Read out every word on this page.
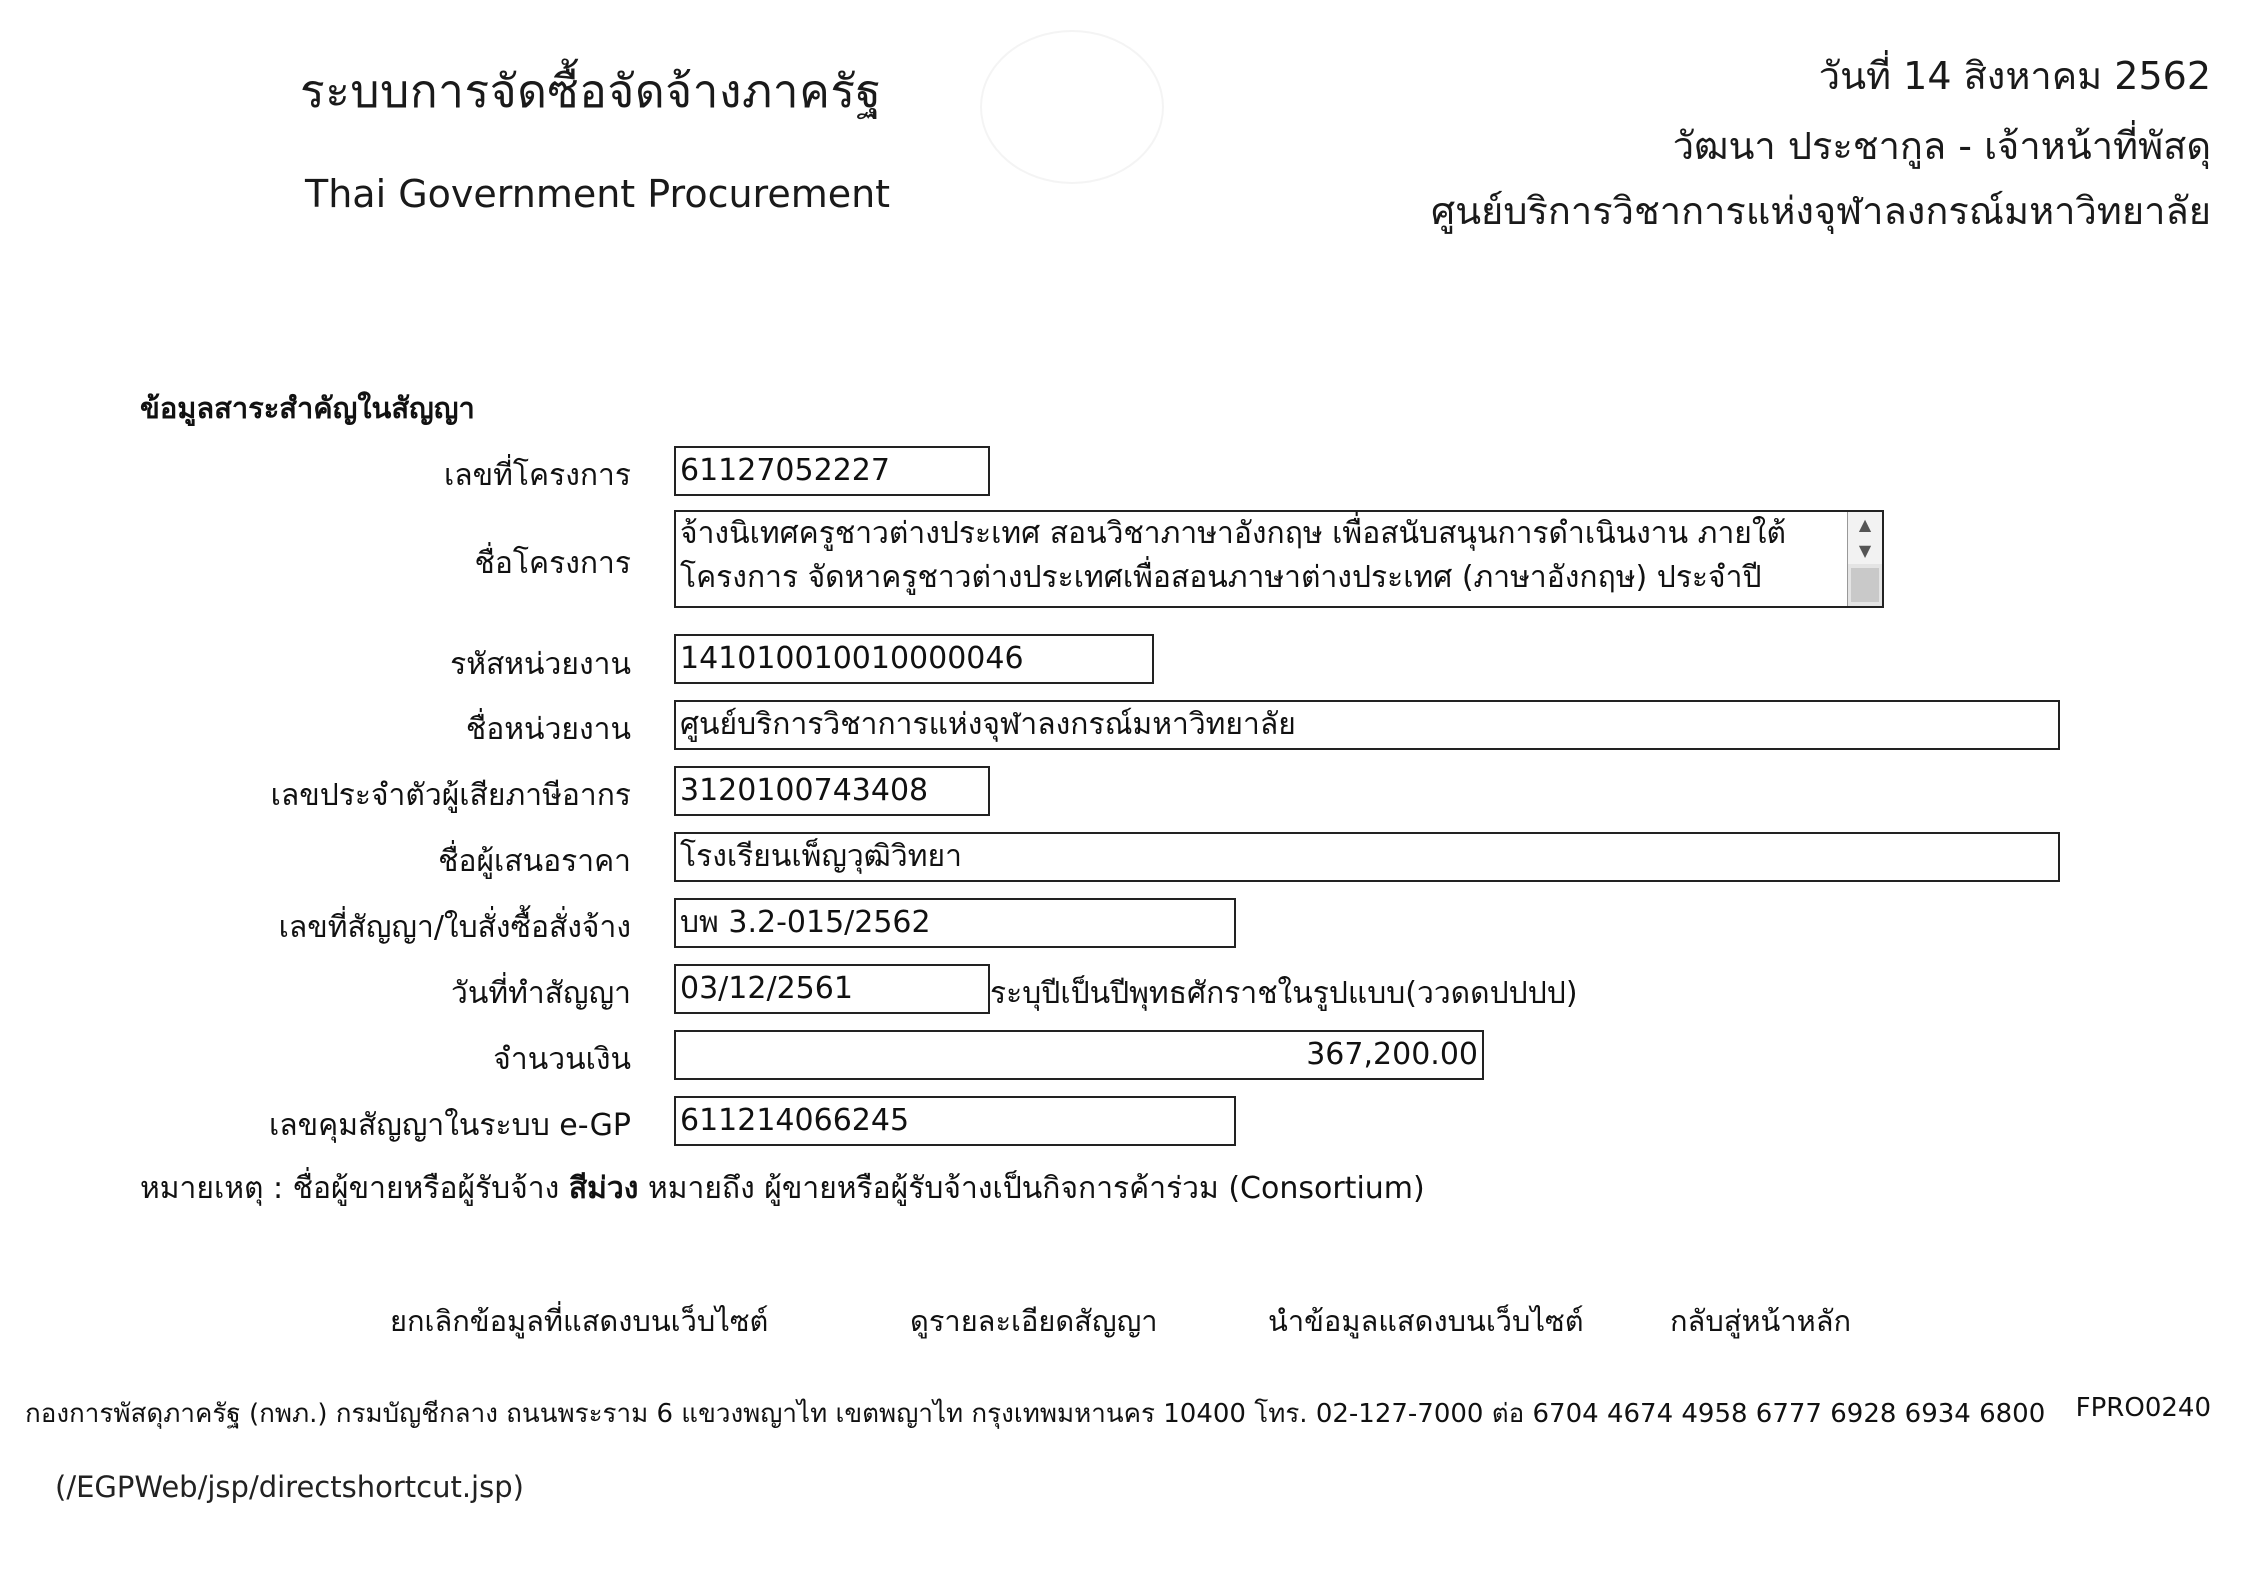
ระบบการจัดซื้อจัดจ้างภาครัฐ
Thai Government Procurement
วันที่ 14 สิงหาคม 2562
วัฒนา ประชากูล - เจ้าหน้าที่พัสดุ
ศูนย์บริการวิชาการแห่งจุฬาลงกรณ์มหาวิทยาลัย
ข้อมูลสาระสำคัญในสัญญา
เลขที่โครงการ 61127052227
ชื่อโครงการ
จ้างนิเทศครูชาวต่างประเทศ สอนวิชาภาษาอังกฤษ เพื่อสนับสนุนการดำเนินงาน ภายใต้ โครงการ จัดหาครูชาวต่างประเทศเพื่อสอนภาษาต่างประเทศ (ภาษาอังกฤษ) ประจำปี
▲
▼
รหัสหน่วยงาน 141010010010000046
ชื่อหน่วยงาน ศูนย์บริการวิชาการแห่งจุฬาลงกรณ์มหาวิทยาลัย
เลขประจำตัวผู้เสียภาษีอากร 3120100743408
ชื่อผู้เสนอราคา โรงเรียนเพ็ญวุฒิวิทยา
เลขที่สัญญา/ใบสั่งซื้อสั่งจ้าง บพ 3.2-015/2562
วันที่ทำสัญญา 03/12/2561	ระบุปีเป็นปีพุทธศักราชในรูปแบบ(ววดดปปปป)
จำนวนเงิน	367,200.00
เลขคุมสัญญาในระบบ e-GP 611214066245
หมายเหตุ : ชื่อผู้ขายหรือผู้รับจ้าง สีม่วง หมายถึง ผู้ขายหรือผู้รับจ้างเป็นกิจการค้าร่วม (Consortium)
ยกเลิกข้อมูลที่แสดงบนเว็บไซต์	ดูรายละเอียดสัญญา	นำข้อมูลแสดงบนเว็บไซต์	กลับสู่หน้าหลัก
กองการพัสดุภาครัฐ (กพภ.) กรมบัญชีกลาง ถนนพระราม 6 แขวงพญาไท เขตพญาไท กรุงเทพมหานคร 10400 โทร. 02-127-7000 ต่อ 6704 4674 4958 6777 6928 6934 6800 FPRO0240
(/EGPWeb/jsp/directshortcut.jsp)
